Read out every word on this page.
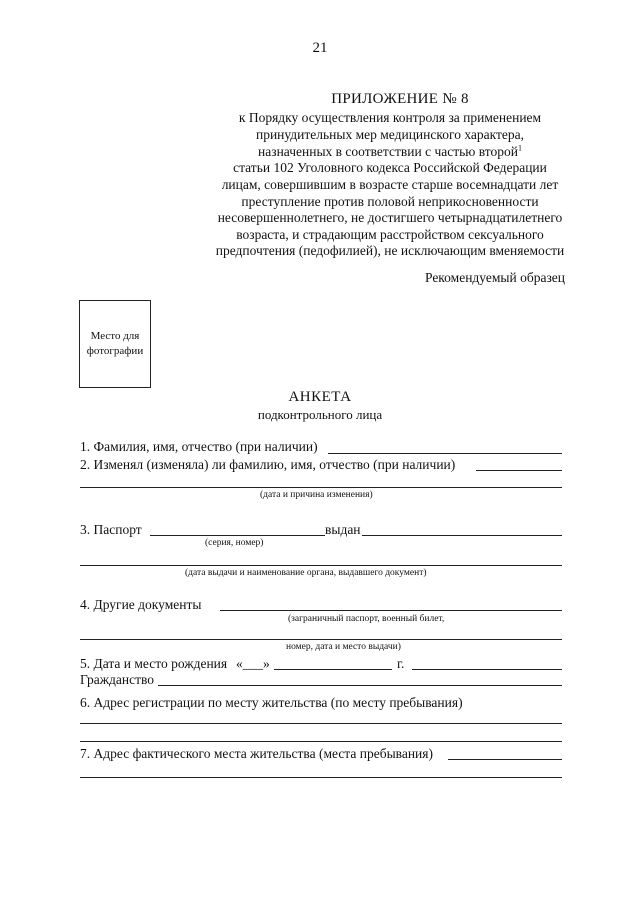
21
ПРИЛОЖЕНИЕ № 8
к Порядку осуществления контроля за применением
принудительных мер медицинского характера,
назначенных в соответствии с частью второй$^1$
статьи 102 Уголовного кодекса Российской Федерации
лицам, совершившим в возрасте старше восемнадцати лет
преступление против половой неприкосновенности
несовершеннолетнего, не достигшего четырнадцатилетнего
возраста, и страдающим расстройством сексуального
предпочтения (педофилией), не исключающим вменяемости
Рекомендуемый образец
Место для фотографии
АНКЕТА
подконтрольного лица
1. Фамилия, имя, отчество (при наличии)
2. Изменял (изменяла) ли фамилию, имя, отчество (при наличии)
(дата и причина изменения)
3. Паспорт	выдан
(серия, номер)
(дата выдачи и наименование органа, выдавшего документ)
4. Другие документы
(заграничный паспорт, военный билет,
номер, дата и место выдачи)
5. Дата и место рождения «___»	г.
Гражданство
6. Адрес регистрации по месту жительства (по месту пребывания)
7. Адрес фактического места жительства (места пребывания)
